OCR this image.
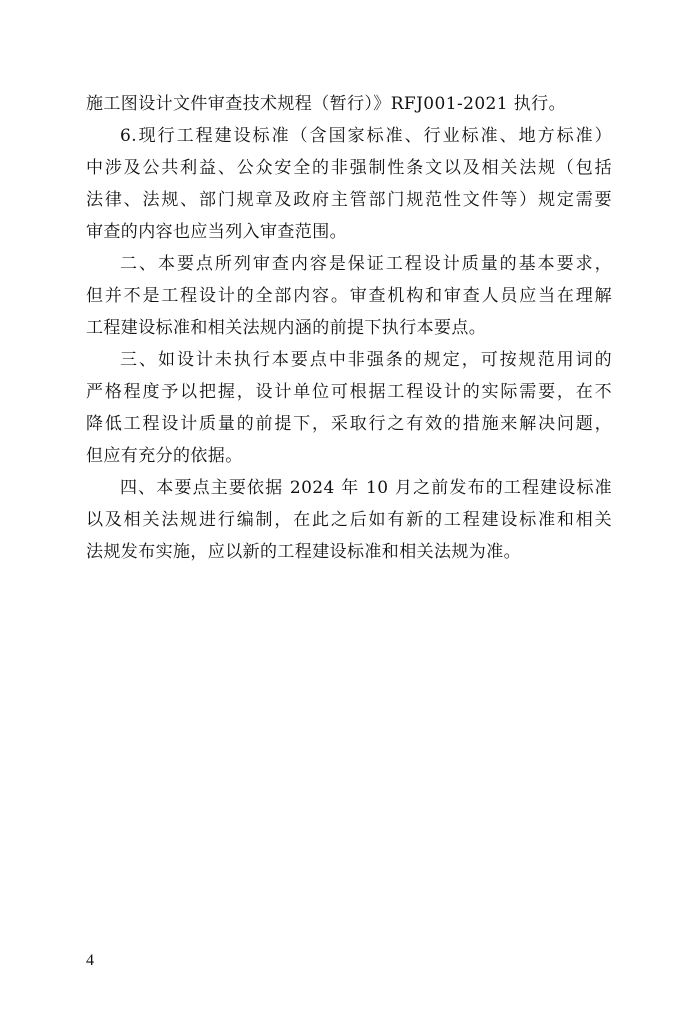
施工图设计文件审查技术规程（暂行）》RFJ001-2021 执行。
6.现行工程建设标准（含国家标准、行业标准、地方标准）
中涉及公共利益、公众安全的非强制性条文以及相关法规（包括
法律、法规、部门规章及政府主管部门规范性文件等）规定需要
审查的内容也应当列入审查范围。
二、本要点所列审查内容是保证工程设计质量的基本要求，
但并不是工程设计的全部内容。审查机构和审查人员应当在理解
工程建设标准和相关法规内涵的前提下执行本要点。
三、如设计未执行本要点中非强条的规定，可按规范用词的
严格程度予以把握，设计单位可根据工程设计的实际需要，在不
降低工程设计质量的前提下，采取行之有效的措施来解决问题，
但应有充分的依据。
四、本要点主要依据 2024 年 10 月之前发布的工程建设标准
以及相关法规进行编制，在此之后如有新的工程建设标准和相关
法规发布实施，应以新的工程建设标准和相关法规为准。
4
